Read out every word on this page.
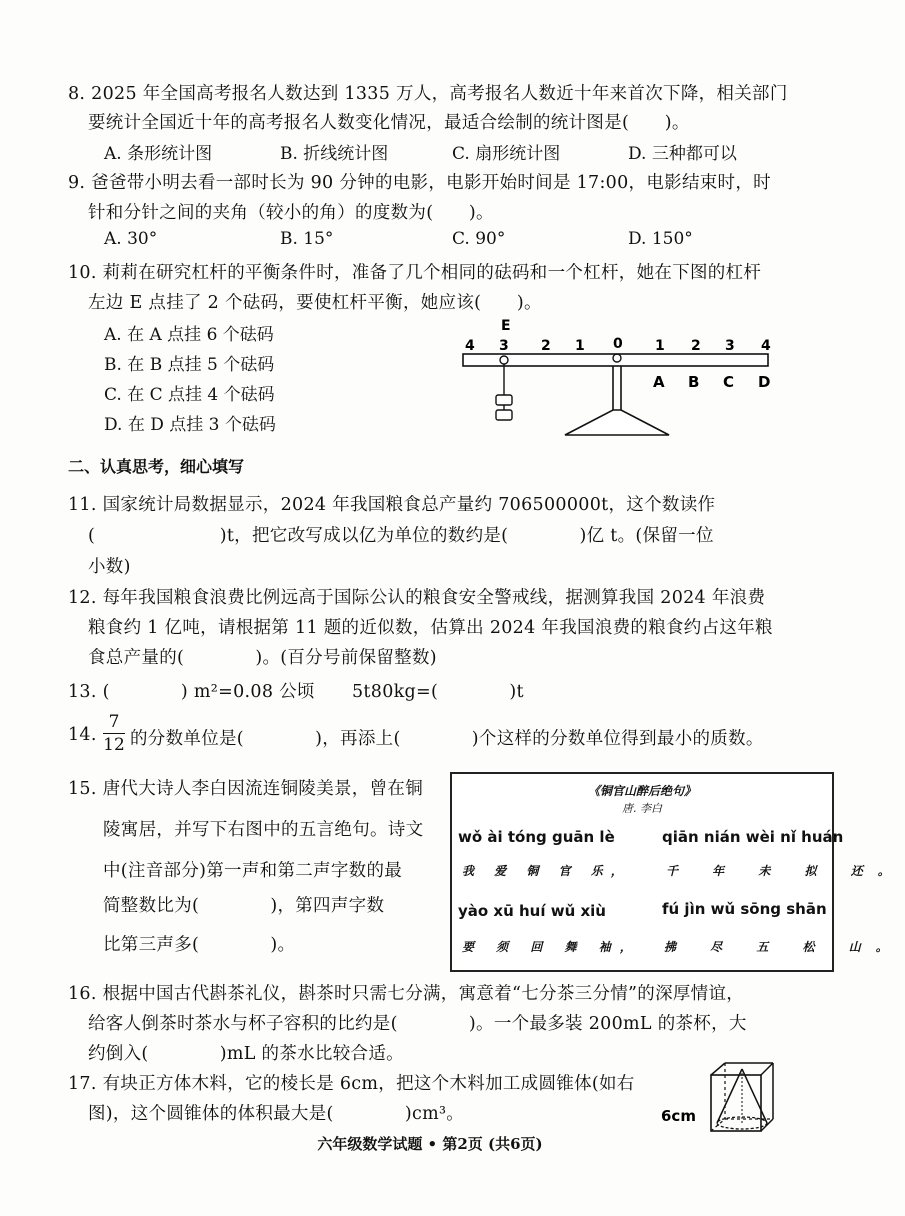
8. 2025 年全国高考报名人数达到 1335 万人，高考报名人数近十年来首次下降，相关部门
要统计全国近十年的高考报名人数变化情况，最适合绘制的统计图是(　　)。
A. 条形统计图	B. 折线统计图	C. 扇形统计图	D. 三种都可以
9. 爸爸带小明去看一部时长为 90 分钟的电影，电影开始时间是 17:00，电影结束时，时
针和分针之间的夹角（较小的角）的度数为(　　)。
A. 30°	B. 15°	C. 90°	D. 150°
10. 莉莉在研究杠杆的平衡条件时，准备了几个相同的砝码和一个杠杆，她在下图的杠杆
左边 E 点挂了 2 个砝码，要使杠杆平衡，她应该(　　)。
A. 在 A 点挂 6 个砝码
B. 在 B 点挂 5 个砝码
C. 在 C 点挂 4 个砝码
D. 在 D 点挂 3 个砝码
E
4 3 2 1 0 1 2 3 4
A B C D
二、认真思考，细心填写
11. 国家统计局数据显示，2024 年我国粮食总产量约 706500000t，这个数读作
(　　　　　　　)t，把它改写成以亿为单位的数约是(　　　　)亿 t。(保留一位
小数)
12. 每年我国粮食浪费比例远高于国际公认的粮食安全警戒线，据测算我国 2024 年浪费
粮食约 1 亿吨，请根据第 11 题的近似数，估算出 2024 年我国浪费的粮食约占这年粮
食总产量的(　　　　)。(百分号前保留整数)
13. (　　　　) m²=0.08 公顷 5t80kg=(　　　　)t
14.
7
12 的分数单位是(　　　　)，再添上(　　　　)个这样的分数单位得到最小的质数。
15. 唐代大诗人李白因流连铜陵美景，曾在铜
陵寓居，并写下右图中的五言绝句。诗文
中(注音部分)第一声和第二声字数的最
简整数比为(　　　　)，第四声字数
比第三声多(　　　　)。
《铜官山醉后绝句》
唐. 李白
wǒ ài tóng guān lè	qiān nián wèi nǐ huán
我 爱 铜 官 乐，	千 年 未 拟 还。
yào xū huí wǔ xiù	fú jìn wǔ sōng shān
要 须 回 舞 袖， 拂 尽 五 松 山。
16. 根据中国古代斟茶礼仪，斟茶时只需七分满，寓意着“七分茶三分情”的深厚情谊，
给客人倒茶时茶水与杯子容积的比约是(　　　　)。一个最多装 200mL 的茶杯，大
约倒入(　　　　)mL 的茶水比较合适。
17. 有块正方体木料，它的棱长是 6cm，把这个木料加工成圆锥体(如右
图)，这个圆锥体的体积最大是(　　　　)cm³。	6cm
六年级数学试题 • 第2页 (共6页)
